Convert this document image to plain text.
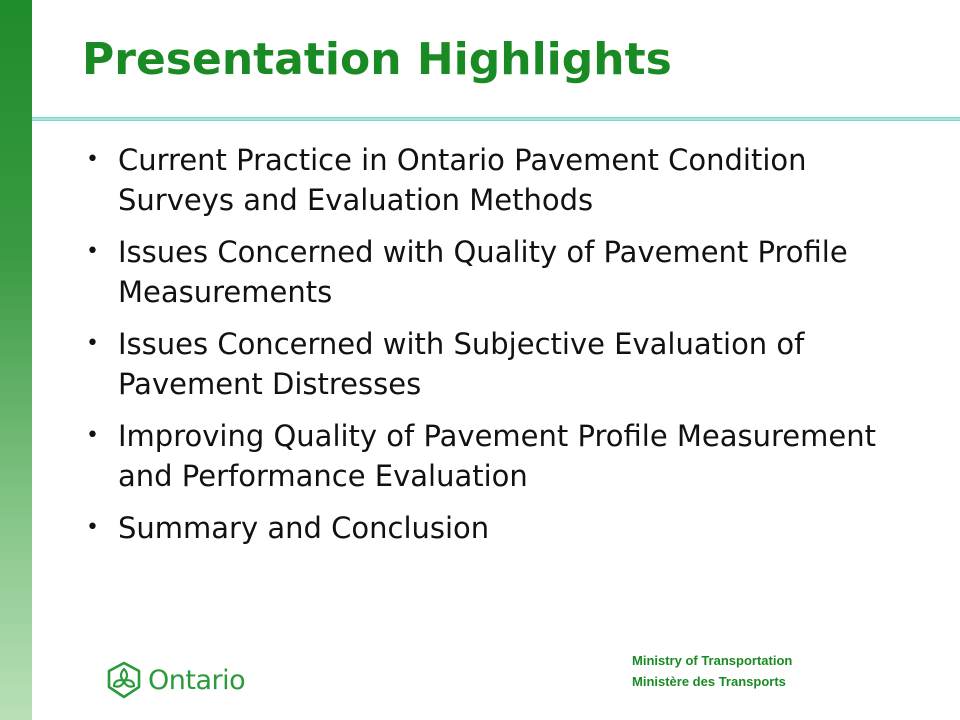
Presentation Highlights
• Current Practice in Ontario Pavement Condition Surveys and Evaluation Methods
• Issues Concerned with Quality of Pavement Profile Measurements
• Issues Concerned with Subjective Evaluation of Pavement Distresses
• Improving Quality of Pavement Profile Measurement and Performance Evaluation
• Summary and Conclusion
Ontario
Ministry of Transportation
Ministère des Transports
